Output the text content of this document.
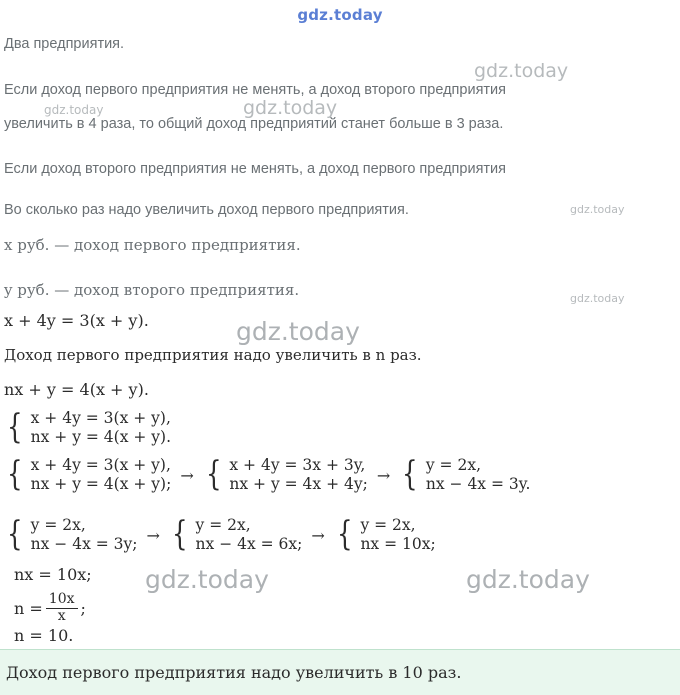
gdz.today
Два предприятия.
Если доход первого предприятия не менять, а доход второго предприятия
увеличить в 4 раза, то общий доход предприятий станет больше в 3 раза.
Если доход второго предприятия не менять, а доход первого предприятия
Во сколько раз надо увеличить доход первого предприятия.
x руб. — доход первого предприятия.
y руб. — доход второго предприятия.
x + 4y = 3(x + y).
Доход первого предприятия надо увеличить в n раз.
nx + y = 4(x + y).
{ x + 4y = 3(x + y),
nx + y = 4(x + y).
{ x + 4y = 3(x + y),
nx + y = 4(x + y); → { x + 4y = 3x + 3y,
nx + y = 4x + 4y; → { y = 2x,
nx − 4x = 3y.
{ y = 2x,
nx − 4x = 3y; → { y = 2x,
nx − 4x = 6x; → { y = 2x,
nx = 10x;
nx = 10x;
$n = \frac{10x}{x}$ ;
n = 10.
Доход первого предприятия надо увеличить в 10 раз.
gdz.today
gdz.today	gdz.today
gdz.today
gdz.today
gdz.today
gdz.today	gdz.today
